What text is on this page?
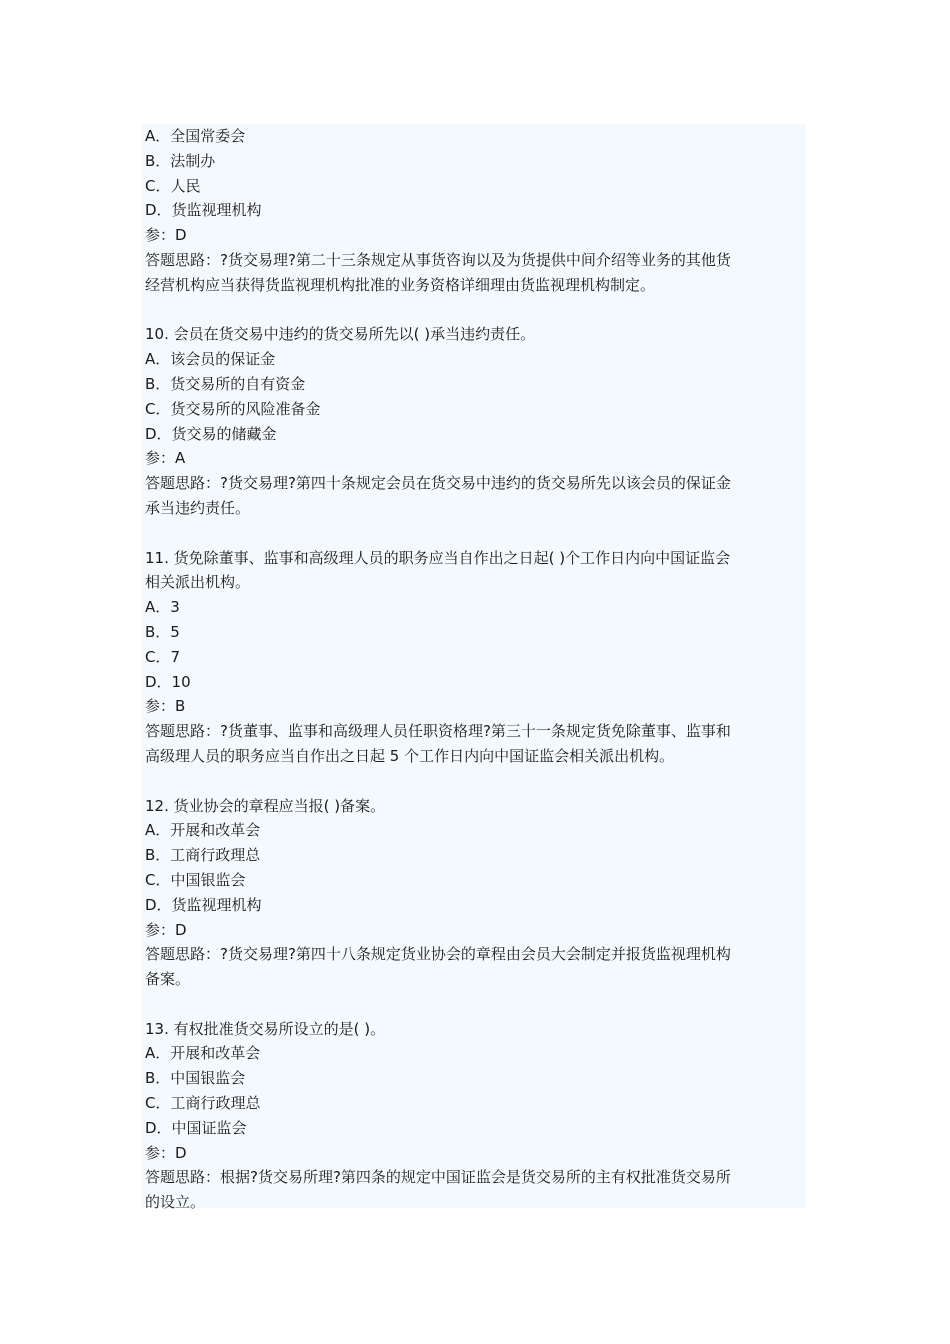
A．全国常委会
B．法制办
C．人民
D．货监视理机构
参：D
答题思路：?货交易理?第二十三条规定从事货咨询以及为货提供中间介绍等业务的其他货
经营机构应当获得货监视理机构批准的业务资格详细理由货监视理机构制定。
10. 会员在货交易中违约的货交易所先以( )承当违约责任。
A．该会员的保证金
B．货交易所的自有资金
C．货交易所的风险准备金
D．货交易的储藏金
参：A
答题思路：?货交易理?第四十条规定会员在货交易中违约的货交易所先以该会员的保证金
承当违约责任。
11. 货免除董事、监事和高级理人员的职务应当自作出之日起( )个工作日内向中国证监会
相关派出机构。
A．3
B．5
C．7
D．10
参：B
答题思路：?货董事、监事和高级理人员任职资格理?第三十一条规定货免除董事、监事和
高级理人员的职务应当自作出之日起 5 个工作日内向中国证监会相关派出机构。
12. 货业协会的章程应当报( )备案。
A．开展和改革会
B．工商行政理总
C．中国银监会
D．货监视理机构
参：D
答题思路：?货交易理?第四十八条规定货业协会的章程由会员大会制定并报货监视理机构
备案。
13. 有权批准货交易所设立的是( )。
A．开展和改革会
B．中国银监会
C．工商行政理总
D．中国证监会
参：D
答题思路：根据?货交易所理?第四条的规定中国证监会是货交易所的主有权批准货交易所
的设立。
